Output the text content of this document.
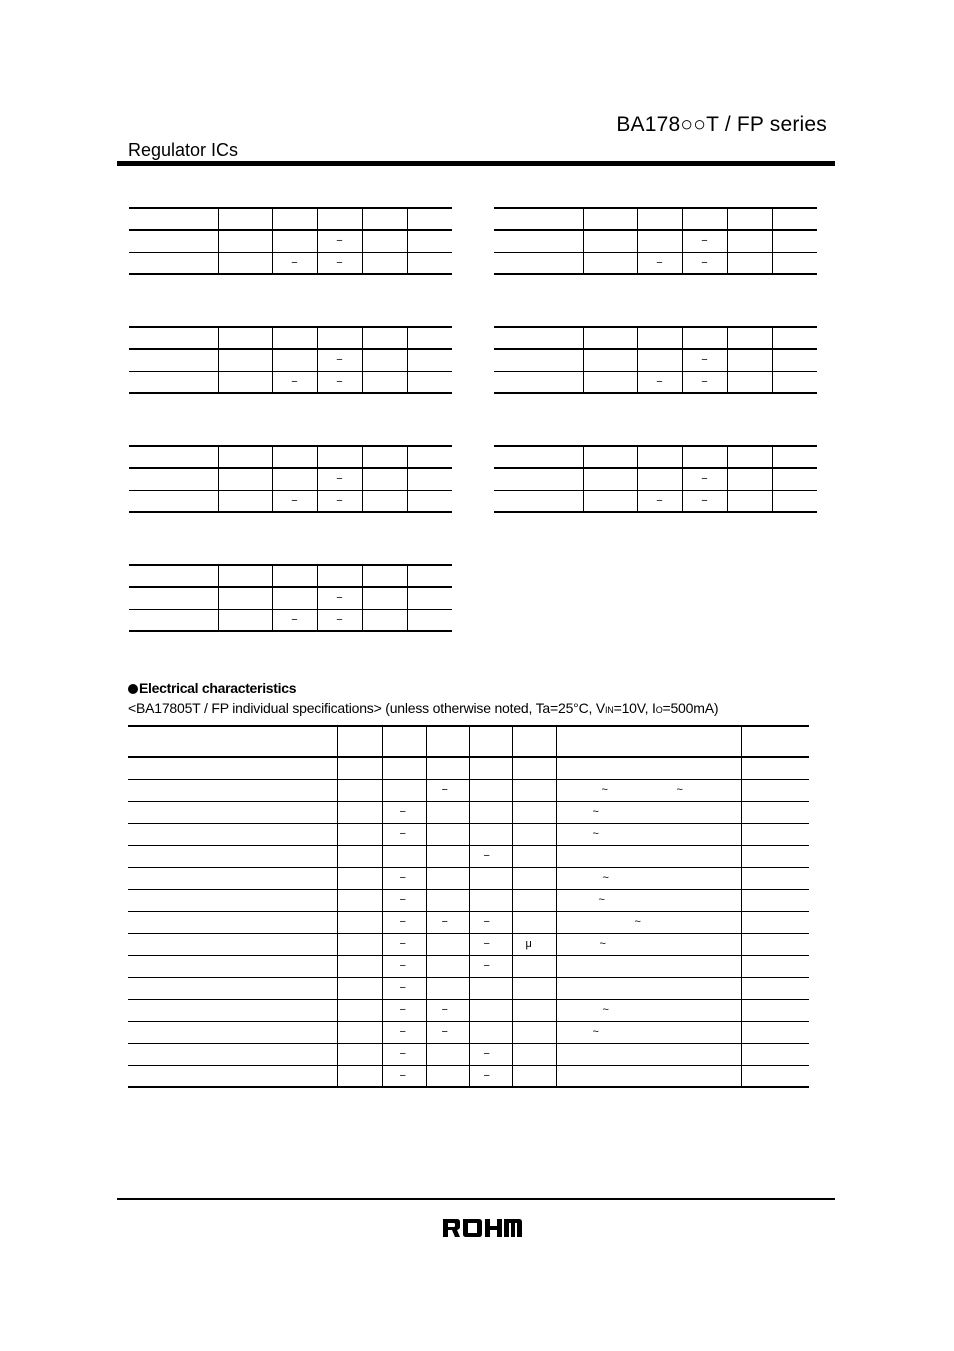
BA178○○T / FP series
Regulator ICs

			−		
		−	−		

			−		
		−	−		

			−		
		−	−		

			−		
		−	−		

			−		
		−	−		

			−		
		−	−		

			−		
		−	−		
Electrical characteristics
<BA17805T / FP individual specifications> (unless otherwise noted, Ta=25°C, VIN=10V, IO=500mA)

			−			~ ~	

		−				~	

		−				~	

				−			

		−				~	

		−				~	

		−	−	−		~	

		−		−	μ	~	

		−		−			

		−					

		−	−			~	

		−	−			~	

		−		−			

		−		−			
